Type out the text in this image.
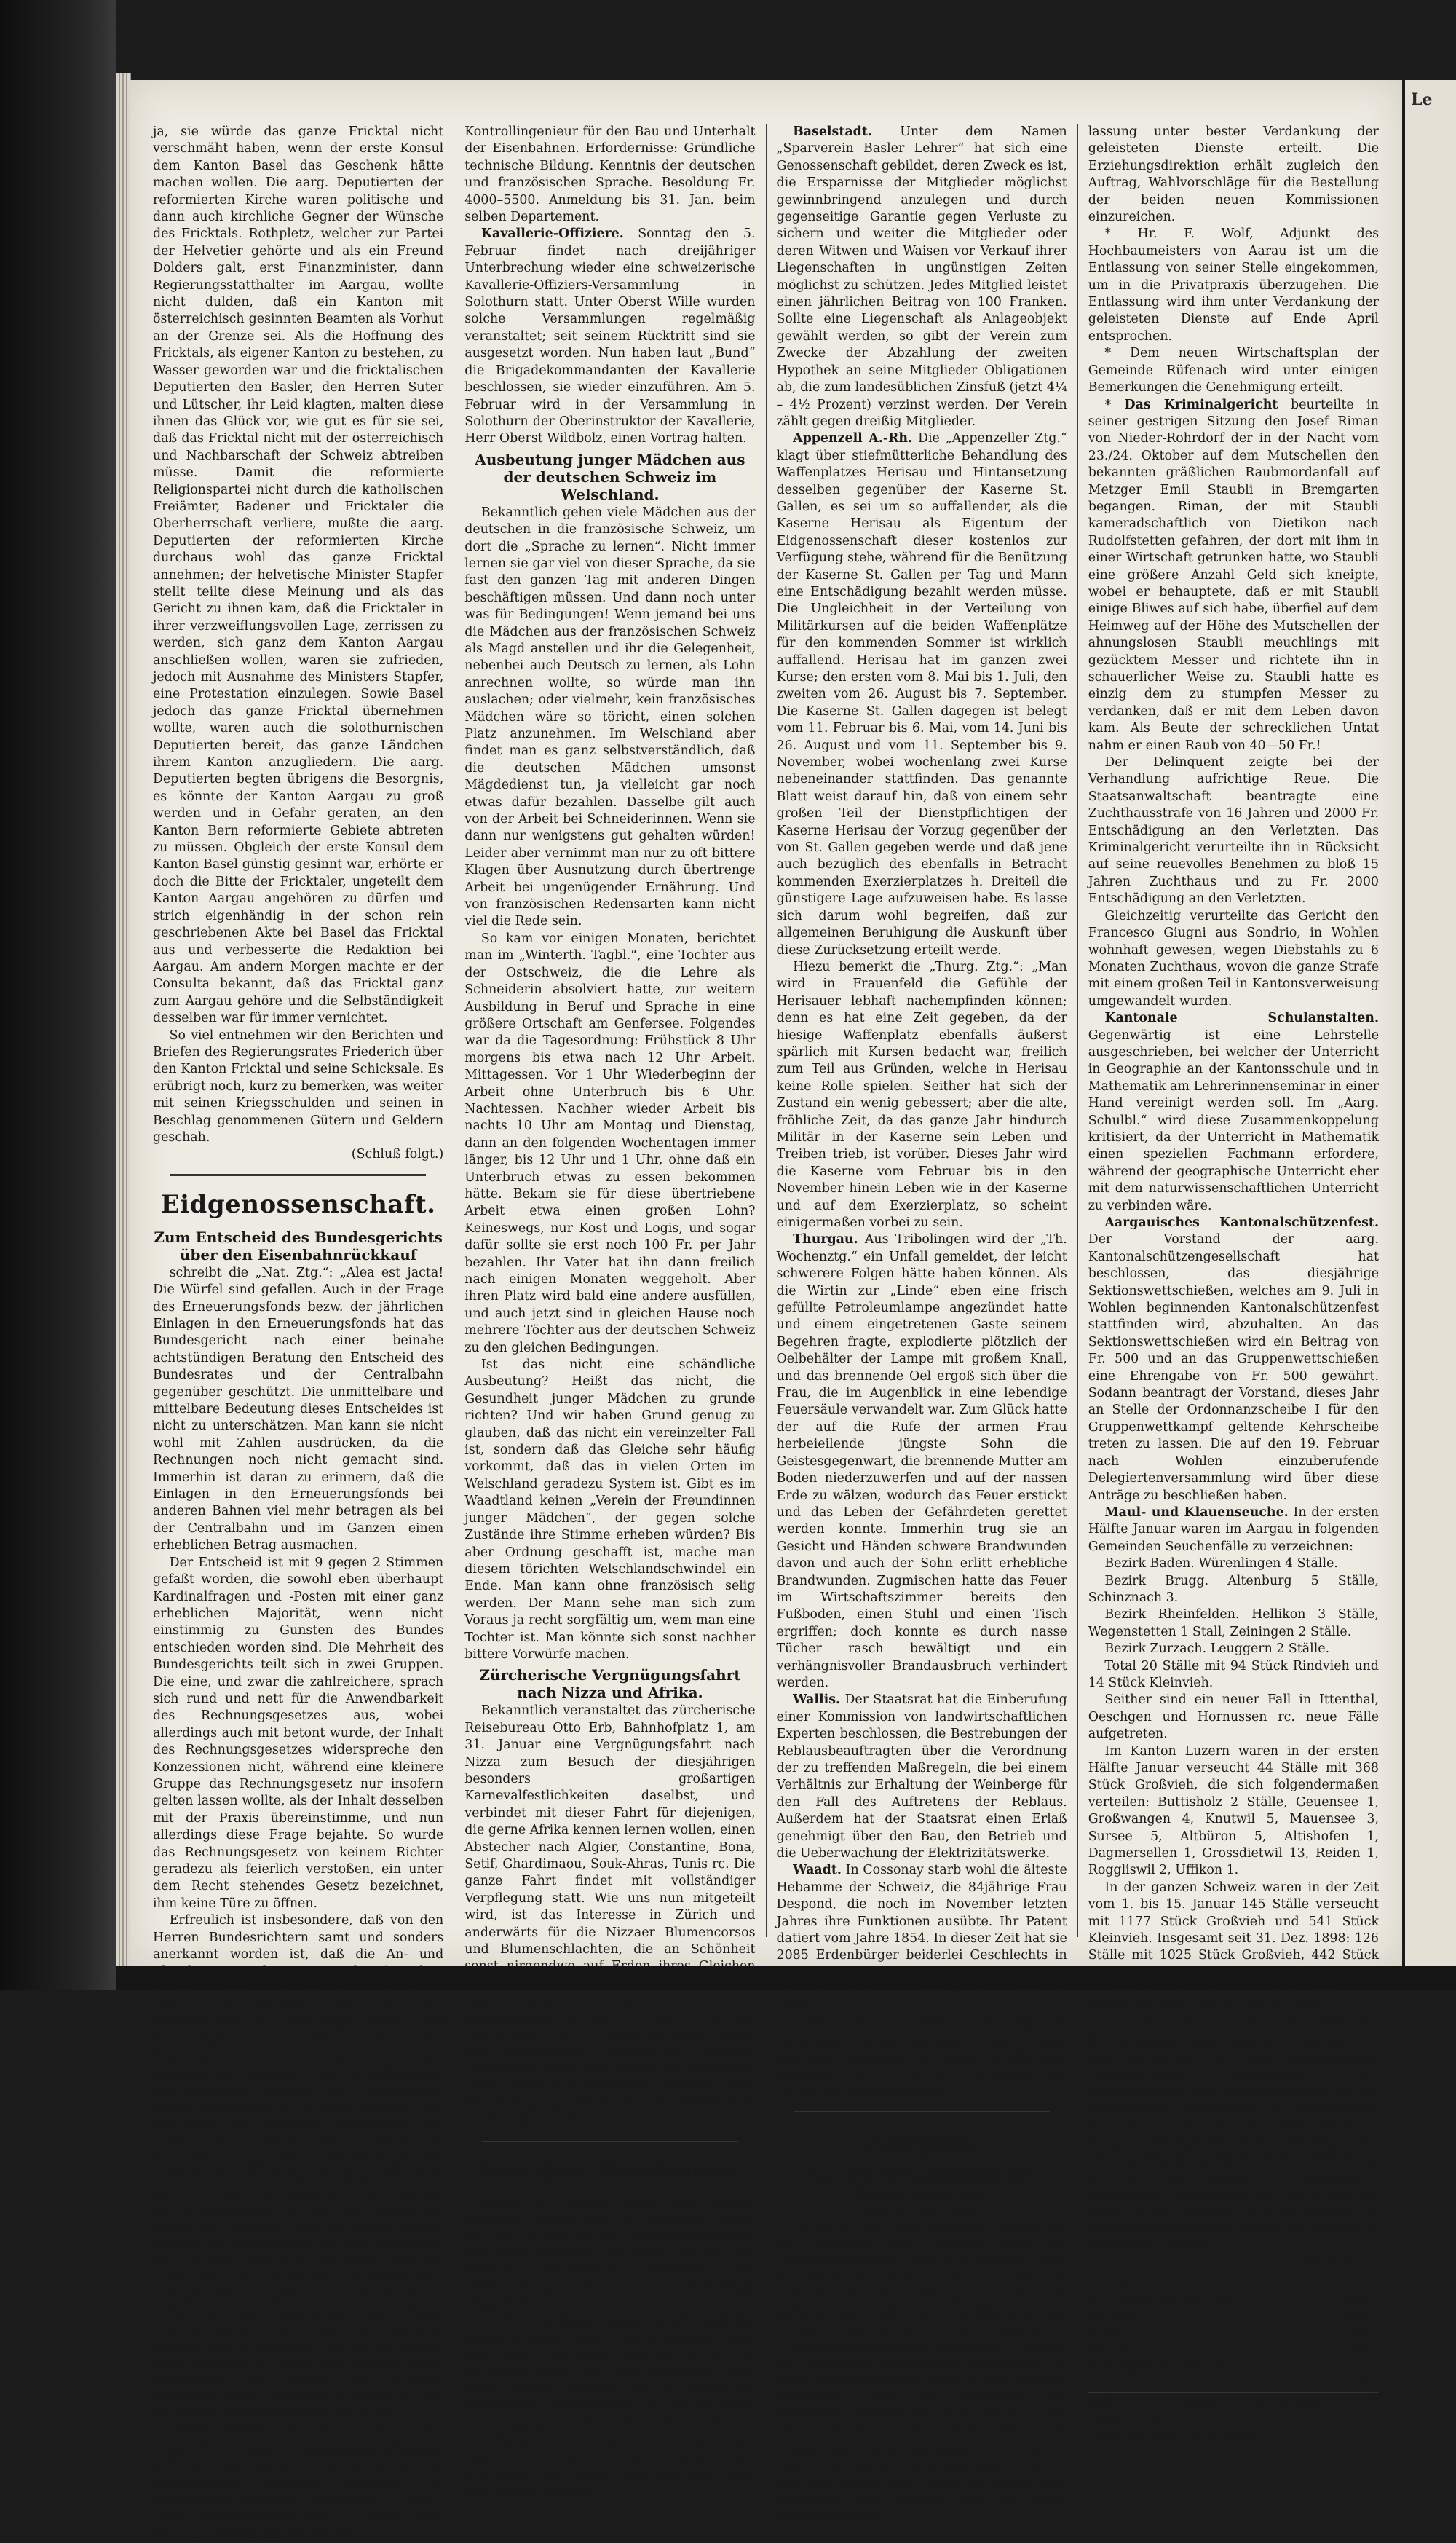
ja, sie würde das ganze Fricktal nicht verschmäht haben, wenn der erste Konsul dem Kanton Basel das Geschenk hätte machen wollen. Die aarg. Deputierten der reformierten Kirche waren politische und dann auch kirchliche Gegner der Wünsche des Fricktals. Rothpletz, welcher zur Partei der Helvetier gehörte und als ein Freund Dolders galt, erst Finanzminister, dann Regierungsstatthalter im Aargau, wollte nicht dulden, daß ein Kanton mit österreichisch gesinnten Beamten als Vorhut an der Grenze sei. Als die Hoffnung des Fricktals, als eigener Kanton zu bestehen, zu Wasser geworden war und die fricktalischen Deputierten den Basler, den Herren Suter und Lütscher, ihr Leid klagten, malten diese ihnen das Glück vor, wie gut es für sie sei, daß das Fricktal nicht mit der österreichisch und Nachbarschaft der Schweiz abtreiben müsse. Damit die reformierte Religionspartei nicht durch die katholischen Freiämter, Badener und Fricktaler die Oberherrschaft verliere, mußte die aarg. Deputierten der reformierten Kirche durchaus wohl das ganze Fricktal annehmen; der helvetische Minister Stapfer stellt teilte diese Meinung und als das Gericht zu ihnen kam, daß die Fricktaler in ihrer verzweiflungsvollen Lage, zerrissen zu werden, sich ganz dem Kanton Aargau anschließen wollen, waren sie zufrieden, jedoch mit Ausnahme des Ministers Stapfer, eine Protestation einzulegen. Sowie Basel jedoch das ganze Fricktal übernehmen wollte, waren auch die solothurnischen Deputierten bereit, das ganze Ländchen ihrem Kanton anzugliedern. Die aarg. Deputierten begten übrigens die Besorgnis, es könnte der Kanton Aargau zu groß werden und in Gefahr geraten, an den Kanton Bern reformierte Gebiete abtreten zu müssen. Obgleich der erste Konsul dem Kanton Basel günstig gesinnt war, erhörte er doch die Bitte der Fricktaler, ungeteilt dem Kanton Aargau angehören zu dürfen und strich eigenhändig in der schon rein geschriebenen Akte bei Basel das Fricktal aus und verbesserte die Redaktion bei Aargau. Am andern Morgen machte er der Consulta bekannt, daß das Fricktal ganz zum Aargau gehöre und die Selbständigkeit desselben war für immer vernichtet.

So viel entnehmen wir den Berichten und Briefen des Regierungsrates Friederich über den Kanton Fricktal und seine Schicksale. Es erübrigt noch, kurz zu bemerken, was weiter mit seinen Kriegsschulden und seinen in Beschlag genommenen Gütern und Geldern geschah.

(Schluß folgt.)
Eidgenossenschaft.
Zum Entscheid des Bundesgerichts über den Eisenbahnrückkauf

schreibt die „Nat. Ztg.“: „Alea est jacta! Die Würfel sind gefallen. Auch in der Frage des Erneuerungsfonds bezw. der jährlichen Einlagen in den Erneuerungsfonds hat das Bundesgericht nach einer beinahe achtstündigen Beratung den Entscheid des Bundesrates und der Centralbahn gegenüber geschützt. Die unmittelbare und mittelbare Bedeutung dieses Entscheides ist nicht zu unterschätzen. Man kann sie nicht wohl mit Zahlen ausdrücken, da die Rechnungen noch nicht gemacht sind. Immerhin ist daran zu erinnern, daß die Einlagen in den Erneuerungsfonds bei anderen Bahnen viel mehr betragen als bei der Centralbahn und im Ganzen einen erheblichen Betrag ausmachen.

Der Entscheid ist mit 9 gegen 2 Stimmen gefaßt worden, die sowohl eben überhaupt Kardinalfragen und -Posten mit einer ganz erheblichen Majorität, wenn nicht einstimmig zu Gunsten des Bundes entschieden worden sind. Die Mehrheit des Bundesgerichts teilt sich in zwei Gruppen. Die eine, und zwar die zahlreichere, sprach sich rund und nett für die Anwendbarkeit des Rechnungsgesetzes aus, wobei allerdings auch mit betont wurde, der Inhalt des Rechnungsgesetzes widerspreche den Konzessionen nicht, während eine kleinere Gruppe das Rechnungsgesetz nur insofern gelten lassen wollte, als der Inhalt desselben mit der Praxis übereinstimme, und nun allerdings diese Frage bejahte. So wurde das Rechnungsgesetz von keinem Richter geradezu als feierlich verstoßen, ein unter dem Recht stehendes Gesetz bezeichnet, ihm keine Türe zu öffnen.

Erfreulich ist insbesondere, daß von den Herren Bundesrichtern samt und sonders anerkannt worden ist, daß die An- und Gesetz zu schaffen, das mit den Konzessionen im Einklange stehe, und keineswegs ein solches, das den Eisenbahnen in ihren wohlerworbenen Rechten zu verletzen. Der fortwährenden Anschuldigung seitens der auswärtigen Presse gegenüber ist es sehr wertvoll, daß von seite des obersten Gerichtshofs des Landes nach genauer Prüfung erklärt hat, das Rechnungsgesetz beeinträchtige die wohlerworbenen Rechte der Eisenbahnen in keiner Weise. Die wohlerworbenen Rechte der Eisenbahnen, so wie sie auswärtige Presse sie verstand, sind im Grunde nichts anderes als Mißbräuche, die sich angesichts der frühern Ohnmacht und Untätigkeit der eidgenössischen Behörden eingeschlichen und gelassen und geduldet worden haben.

Es ist weit gekommen mit dieser Anschuldigung, so weit sogar, daß ernsthafte Männer der Wissenschaft ihrem Befremden über dieselbe in Wort und Schrift ihrem Befremden der Bürger der Schweiz Ausdruck gaben. Hoffentlich nimmt es nun mit diesen Verdächtigungen ein Ende.

Offene Stellen. Kanzlist II. Klasse des eidg. Post- und Eisenbahndepartement. Erfordernisse: Kenntnis der deutschen und französischen Sprache. Fertigkeit im technischen Zeichnen. Besoldung Fr. 2000–3500. Anmeldung bis zum 31. Januar beim Post- und Eisenbahndepartement.

Kontrollingenieur für den Bau und Unterhalt der Eisenbahnen. Erfordernisse: Gründliche technische Bildung. Kenntnis der deutschen und französischen Sprache. Besoldung Fr. 4000–5500. Anmeldung bis 31. Jan. beim selben Departement.

Kavallerie-Offiziere. Sonntag den 5. Februar findet nach dreijähriger Unterbrechung wieder eine schweizerische Kavallerie-Offiziers-Versammlung in Solothurn statt. Unter Oberst Wille wurden solche Versammlungen regelmäßig veranstaltet; seit seinem Rücktritt sind sie ausgesetzt worden. Nun haben laut „Bund“ die Brigadekommandanten der Kavallerie beschlossen, sie wieder einzuführen. Am 5. Februar wird in der Versammlung in Solothurn der Oberinstruktor der Kavallerie, Herr Oberst Wildbolz, einen Vortrag halten.

Ausbeutung junger Mädchen aus der deutschen Schweiz im Welschland.

Bekanntlich gehen viele Mädchen aus der deutschen in die französische Schweiz, um dort die „Sprache zu lernen“. Nicht immer lernen sie gar viel von dieser Sprache, da sie fast den ganzen Tag mit anderen Dingen beschäftigen müssen. Und dann noch unter was für Bedingungen! Wenn jemand bei uns die Mädchen aus der französischen Schweiz als Magd anstellen und ihr die Gelegenheit, nebenbei auch Deutsch zu lernen, als Lohn anrechnen wollte, so würde man ihn auslachen; oder vielmehr, kein französisches Mädchen wäre so töricht, einen solchen Platz anzunehmen. Im Welschland aber findet man es ganz selbstverständlich, daß die deutschen Mädchen umsonst Mägdedienst tun, ja vielleicht gar noch etwas dafür bezahlen. Dasselbe gilt auch von der Arbeit bei Schneiderinnen. Wenn sie dann nur wenigstens gut gehalten würden! Leider aber vernimmt man nur zu oft bittere Klagen über Ausnutzung durch übertrenge Arbeit bei ungenügender Ernährung. Und von französischen Redensarten kann nicht viel die Rede sein.

So kam vor einigen Monaten, berichtet man im „Winterth. Tagbl.“, eine Tochter aus der Ostschweiz, die die Lehre als Schneiderin absolviert hatte, zur weitern Ausbildung in Beruf und Sprache in eine größere Ortschaft am Genfersee. Folgendes war da die Tagesordnung: Frühstück 8 Uhr morgens bis etwa nach 12 Uhr Arbeit. Mittagessen. Vor 1 Uhr Wiederbeginn der Arbeit ohne Unterbruch bis 6 Uhr. Nachtessen. Nachher wieder Arbeit bis nachts 10 Uhr am Montag und Dienstag, dann an den folgenden Wochentagen immer länger, bis 12 Uhr und 1 Uhr, ohne daß ein Unterbruch etwas zu essen bekommen hätte. Bekam sie für diese übertriebene Arbeit etwa einen großen Lohn? Keineswegs, nur Kost und Logis, und sogar dafür sollte sie erst noch 100 Fr. per Jahr bezahlen. Ihr Vater hat ihn dann freilich nach einigen Monaten weggeholt. Aber ihren Platz wird bald eine andere ausfüllen, und auch jetzt sind in gleichen Hause noch mehrere Töchter aus der deutschen Schweiz zu den gleichen Bedingungen.

Ist das nicht eine schändliche Ausbeutung? Heißt das nicht, die Gesundheit junger Mädchen zu grunde richten? Und wir haben Grund genug zu glauben, daß das nicht ein vereinzelter Fall ist, sondern daß das Gleiche sehr häufig vorkommt, daß das in vielen Orten im Welschland geradezu System ist. Gibt es im Waadtland keinen „Verein der Freundinnen junger Mädchen“, der gegen solche Zustände ihre Stimme erheben würden? Bis aber Ordnung geschafft ist, mache man diesem törichten Welschlandschwindel ein Ende. Man kann ohne französisch selig werden. Der Mann sehe man sich zum Voraus ja recht sorgfältig um, wem man eine Tochter ist. Man könnte sich sonst nachher bittere Vorwürfe machen.

Zürcherische Vergnügungsfahrt nach Nizza und Afrika.

Bekanntlich veranstaltet das zürcherische Reisebureau Otto Erb, Bahnhofplatz 1, am 31. Januar eine Vergnügungsfahrt nach Nizza zum Besuch der diesjährigen besonders großartigen Karnevalfestlichkeiten daselbst, und verbindet mit dieser Fahrt für diejenigen, die gerne Afrika kennen lernen wollen, einen Abstecher nach Algier, Constantine, Bona, Setif, Ghardimaou, Souk-Ahras, Tunis rc. Die ganze Fahrt findet mit vollständiger Verpflegung statt. Wie uns nun mitgeteilt wird, ist das Interesse in Zürich und anderwärts für die Nizzaer Blumencorsos und Blumenschlachten, die an Schönheit Tagen gesichert war und weitere Anmeldungen nur noch bis den 25. ds. bei Herrn Otto Erb in Zürich einlaufen. Wenn des bezüglichen illustrierten Prospekt Jedermann gratis und franko zur Verfügung stellt. Außerdem Reiseleiter begleitet auch der Photograph des Bureau die Gesellschaft auf der ganzen Tour.

Aus den Kantonen.

Bern. Im Prozesse gegen den „Berner Volksztg.“ fordert Prof. Dr. Onken auf Grund der Art. 50 und 55 des Obligationenrechtes eine Entschädigung von 5000 Franken. Hr. Großrat Dürrenmatt, Redaktor der „Volkszeitung“, hat eine Widerklage eingereicht.

— Thun. Schlimm erging es während des letzten Sturmes einer Frau in nächster Nähe von Thun. Sie hatte, wie da „V. B.“ zu berichten weiß, am Oberlichtfenster eine dicke Schnur befestigt und an dieser ein Wäschestück aufgehangen. Als nun die wilde Tanz losging, war das Wäschestück mitten in der Stube, der Küchenschrank mit samt dem Geschirr mitten in der Küche. Den Schrecken der guten Hausfrau kann man sich lebhaft denken.

Baselstadt. Unter dem Namen „Sparverein Basler Lehrer“ hat sich eine Genossenschaft gebildet, deren Zweck es ist, die Ersparnisse der Mitglieder möglichst gewinnbringend anzulegen und durch gegenseitige Garantie gegen Verluste zu sichern und weiter die Mitglieder oder deren Witwen und Waisen vor Verkauf ihrer Liegenschaften in ungünstigen Zeiten möglichst zu schützen. Jedes Mitglied leistet einen jährlichen Beitrag von 100 Franken. Sollte eine Liegenschaft als Anlageobjekt gewählt werden, so gibt der Verein zum Zwecke der Abzahlung der zweiten Hypothek an seine Mitglieder Obligationen ab, die zum landesüblichen Zinsfuß (jetzt 4¼ – 4½ Prozent) verzinst werden. Der Verein zählt gegen dreißig Mitglieder.

Appenzell A.-Rh. Die „Appenzeller Ztg.“ klagt über stiefmütterliche Behandlung des Waffenplatzes Herisau und Hintansetzung desselben gegenüber der Kaserne St. Gallen, es sei um so auffallender, als die Kaserne Herisau als Eigentum der Eidgenossenschaft dieser kostenlos zur Verfügung stehe, während für die Benützung der Kaserne St. Gallen per Tag und Mann eine Entschädigung bezahlt werden müsse. Die Ungleichheit in der Verteilung von Militärkursen auf die beiden Waffenplätze für den kommenden Sommer ist wirklich auffallend. Herisau hat im ganzen zwei Kurse; den ersten vom 8. Mai bis 1. Juli, den zweiten vom 26. August bis 7. September. Die Kaserne St. Gallen dagegen ist belegt vom 11. Februar bis 6. Mai, vom 14. Juni bis 26. August und vom 11. September bis 9. November, wobei wochenlang zwei Kurse nebeneinander stattfinden. Das genannte Blatt weist darauf hin, daß von einem sehr großen Teil der Dienstpflichtigen der Kaserne Herisau der Vorzug gegenüber der von St. Gallen gegeben werde und daß jene auch bezüglich des ebenfalls in Betracht kommenden Exerzierplatzes h. Dreiteil die günstigere Lage aufzuweisen habe. Es lasse sich darum wohl begreifen, daß zur allgemeinen Beruhigung die Auskunft über diese Zurücksetzung erteilt werde.

Hiezu bemerkt die „Thurg. Ztg.“: „Man wird in Frauenfeld die Gefühle der Herisauer lebhaft nachempfinden können; denn es hat eine Zeit gegeben, da der hiesige Waffenplatz ebenfalls äußerst spärlich mit Kursen bedacht war, freilich zum Teil aus Gründen, welche in Herisau keine Rolle spielen. Seither hat sich der Zustand ein wenig gebessert; aber die alte, fröhliche Zeit, da das ganze Jahr hindurch Militär in der Kaserne sein Leben und Treiben trieb, ist vorüber. Dieses Jahr wird die Kaserne vom Februar bis in den November hinein Leben wie in der Kaserne und auf dem Exerzierplatz, so scheint einigermaßen vorbei zu sein.

Thurgau. Aus Tribolingen wird der „Th. Wochenztg.“ ein Unfall gemeldet, der leicht schwerere Folgen hätte haben können. Als die Wirtin zur „Linde“ eben eine frisch gefüllte Petroleumlampe angezündet hatte und einem eingetretenen Gaste seinem Begehren fragte, explodierte plötzlich der Oelbehälter der Lampe mit großem Knall, und das brennende Oel ergoß sich über die Frau, die im Augenblick in eine lebendige Feuersäule verwandelt war. Zum Glück hatte der auf die Rufe der armen Frau herbeieilende jüngste Sohn die Geistesgegenwart, die brennende Mutter am Boden niederzuwerfen und auf der nassen Erde zu wälzen, wodurch das Feuer erstickt und das Leben der Gefährdeten gerettet werden konnte. Immerhin trug sie an Gesicht und Händen schwere Brandwunden davon und auch der Sohn erlitt erhebliche Brandwunden. Zugmischen hatte das Feuer im Wirtschaftszimmer bereits den Fußboden, einen Stuhl und einen Tisch ergriffen; doch konnte es durch nasse Tücher rasch bewältigt und ein verhängnisvoller Brandausbruch verhindert werden.

Wallis. Der Staatsrat hat die Einberufung einer Kommission von landwirtschaftlichen Experten beschlossen, die Bestrebungen der Reblausbeauftragten über die Verordnung der zu treffenden Maßregeln, die bei einem Verhältnis zur Erhaltung der Weinberge für den Fall des Auftretens der Reblaus. Außerdem hat der Staatsrat einen Erlaß genehmigt über den Bau, den Betrieb und die Ueberwachung der Elektrizitätswerke.

Waadt. In Cossonay starb wohl die älteste Hebamme der Schweiz, die 84jährige Frau Despond, die noch im November letzten Jahres ihre Funktionen ausübte. Ihr Patent datiert vom Jahre 1854. In dieser Zeit hat sie 2085 Erdenbürger beiderlei Geschlechts in zählt.

Genf. Das Genfer Schwurgericht verurteilte einen Aargauer Sp. wegen Notzucht, begangen an einem 10½jährigen Mädchen, zu 14 Jahren Zuchthaus und 10,000 Fr. Entschädigung.

Aargau.
Aus den Verhandlungen des Regierungsrates
vom 23. Jan. 1899.

Im Sinne der Zusicherungen, welche bei der Beratung des Gesetzes über die Lehrerbesoldungen gemacht worden sind, beschließt der Regierungsrat, es seien in Zukunft für die Prüfung der römisch-katholischen und der christkatholischen Priesteramtskandidaten zwei besondere Prüfungskommissionen aufzustellen, anstatt der bisherigen einheitlichen Kommission. Es kann dies gegenwärtig ohne Schwierigkeiten geschehen, weil die Mitglieder der bisherigen einheitlichen Kommission — die Herren Strafhausdirektor Hürbin, Fürsprech Straub und Gerichtspräsident Schibler — von ihren Stellen zurückgetreten sind, so daß der Staate freie Hand zu lassen. Den genannten drei Herren wird die ihnen gewünschte Ent-

lassung unter bester Verdankung der geleisteten Dienste erteilt. Die Erziehungsdirektion erhält zugleich den Auftrag, Wahlvorschläge für die Bestellung der beiden neuen Kommissionen einzureichen.

* Hr. F. Wolf, Adjunkt des Hochbaumeisters von Aarau ist um die Entlassung von seiner Stelle eingekommen, um in die Privatpraxis überzugehen. Die Entlassung wird ihm unter Verdankung der geleisteten Dienste auf Ende April entsprochen.

* Dem neuen Wirtschaftsplan der Gemeinde Rüfenach wird unter einigen Bemerkungen die Genehmigung erteilt.

* Das Kriminalgericht beurteilte in seiner gestrigen Sitzung den Josef Riman von Nieder-Rohrdorf der in der Nacht vom 23./24. Oktober auf dem Mutschellen den bekannten gräßlichen Raubmordanfall auf Metzger Emil Staubli in Bremgarten begangen. Riman, der mit Staubli kameradschaftlich von Dietikon nach Rudolfstetten gefahren, der dort mit ihm in einer Wirtschaft getrunken hatte, wo Staubli eine größere Anzahl Geld sich kneipte, wobei er behauptete, daß er mit Staubli einige Bliwes auf sich habe, überfiel auf dem Heimweg auf der Höhe des Mutschellen der ahnungslosen Staubli meuchlings mit gezücktem Messer und richtete ihn in schauerlicher Weise zu. Staubli hatte es einzig dem zu stumpfen Messer zu verdanken, daß er mit dem Leben davon kam. Als Beute der schrecklichen Untat nahm er einen Raub von 40—50 Fr.!

Der Delinquent zeigte bei der Verhandlung aufrichtige Reue. Die Staatsanwaltschaft beantragte eine Zuchthausstrafe von 16 Jahren und 2000 Fr. Entschädigung an den Verletzten. Das Kriminalgericht verurteilte ihn in Rücksicht auf seine reuevolles Benehmen zu bloß 15 Jahren Zuchthaus und zu Fr. 2000 Entschädigung an den Verletzten.

Gleichzeitig verurteilte das Gericht den Francesco Giugni aus Sondrio, in Wohlen wohnhaft gewesen, wegen Diebstahls zu 6 Monaten Zuchthaus, wovon die ganze Strafe mit einem großen Teil in Kantonsverweisung umgewandelt wurden.

Kantonale Schulanstalten. Gegenwärtig ist eine Lehrstelle ausgeschrieben, bei welcher der Unterricht in Geographie an der Kantonsschule und in Mathematik am Lehrerinnenseminar in einer Hand vereinigt werden soll. Im „Aarg. Schulbl.“ wird diese Zusammenkoppelung kritisiert, da der Unterricht in Mathematik einen speziellen Fachmann erfordere, während der geographische Unterricht eher mit dem naturwissenschaftlichen Unterricht zu verbinden wäre.

Aargauisches Kantonalschützenfest. Der Vorstand der aarg. Kantonalschützengesellschaft hat beschlossen, das diesjährige Sektionswettschießen, welches am 9. Juli in Wohlen beginnenden Kantonalschützenfest stattfinden wird, abzuhalten. An das Sektionswettschießen wird ein Beitrag von Fr. 500 und an das Gruppenwettschießen eine Ehrengabe von Fr. 500 gewährt. Sodann beantragt der Vorstand, dieses Jahr an Stelle der Ordonnanzscheibe I für den Gruppenwettkampf geltende Kehrscheibe treten zu lassen. Die auf den 19. Februar nach Wohlen einzuberufende Delegiertenversammlung wird über diese Anträge zu beschließen haben.

Maul- und Klauenseuche. In der ersten Hälfte Januar waren im Aargau in folgenden Gemeinden Seuchenfälle zu verzeichnen:

Bezirk Baden. Würenlingen 4 Ställe.

Bezirk Brugg. Altenburg 5 Ställe, Schinznach 3.

Bezirk Rheinfelden. Hellikon 3 Ställe, Wegenstetten 1 Stall, Zeiningen 2 Ställe.

Bezirk Zurzach. Leuggern 2 Ställe.

Total 20 Ställe mit 94 Stück Rindvieh und 14 Stück Kleinvieh.

Seither sind ein neuer Fall in Ittenthal, Oeschgen und Hornussen rc. neue Fälle aufgetreten.

Im Kanton Luzern waren in der ersten Hälfte Januar verseucht 44 Ställe mit 368 Stück Großvieh, die sich folgendermaßen verteilen: Buttisholz 2 Ställe, Geuensee 1, Großwangen 4, Knutwil 5, Mauensee 3, Sursee 5, Altbüron 5, Altishofen 1, Dagmersellen 1, Grossdietwil 13, Reiden 1, Roggliswil 2, Uffikon 1.

In der ganzen Schweiz waren in der Zeit vom 1. bis 15. Januar 145 Ställe verseucht mit 1177 Stück Großvieh und 541 Stück Kleinvieh. Insgesamt seit 31. Dez. 1898: 126 Ställe mit 1025 Stück Großvieh, 442 Stück

Gemeinderates vom 20. Januar 1899.

Die reformierte und die christkatholische Kirchenpflege teilen unterm 16 Januar l. J. mit, sie hätten die Frage angemessener Umgestaltung, Verstärkung und Verschönerung des Glockengeläutes in der gemeinsame Stadtkirche in gemeinsamer Beratung gezogen und wünschen, daß diese Frage baldmöglichst einer befriedigenden Lösung entgegengeführt werde. Gestützt auf die von der hiesigen Glockengießerei eingeholten Vorschlägen sei die Erstellung eines As-dur-Geläutes, wie es kürzlich in Schaffhausen geliefert wurde, am ehesten zu empfehlen. Geplant:

	Gewicht ca.	
As, neu		5200 kg
C (Umguß aus alt Des)	„	2400 „
Es, neu	„	1500 „
F, alt	„	1345 „
As, alt	„	786 „
C (Umguß aus alt Des		
event. alt f)	„	350 „
mithin 6 Glocken mit einem Gewicht von		11,581 kg

(7044 kg mehr als bisher).

Le
